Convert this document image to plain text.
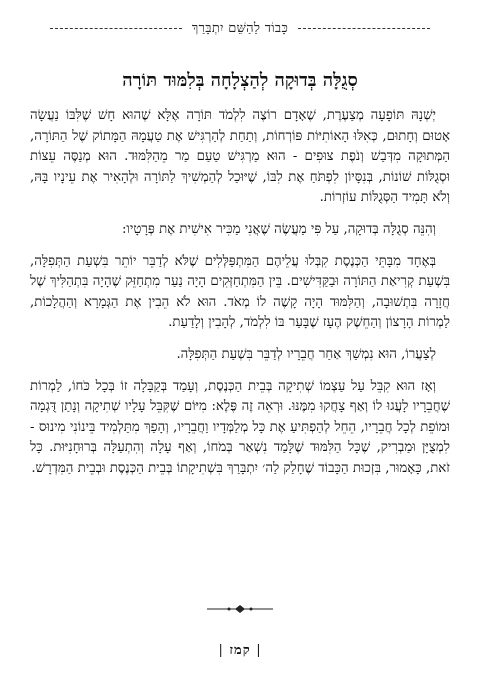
כָּבוֹד לַהַשֵּׁם יִתְבָּרַךְ
סְגֻלָּה בְּדוּקָה לְהַצְלָחָה בְּלִמּוּד תּוֹרָה

יְשְׁנָהּ תּוֹפָעָה מְצַעֶרֶת, שֶׁאָדָם רוֹצֶה לִלְמֹד תּוֹרָה אֶלָּא שֶׁהוּא חָשׁ שֶׁלִּבּוֹ נַעֲשָׂה אָטוּם וְחָתוּם, כְּאִלּוּ הָאוֹתִיּוֹת פּוֹרְחוֹת, וְתַחַת לְהַרְגִּישׁ אֶת טַעֲמָהּ הַמָּתוֹק שֶׁל הַתּוֹרָה, הַמְּתוּקָה מִדְּבַשׁ וְנֹפֶת צוּפִים - הוּא מַרְגִּישׁ טַעַם מַר מֵהַלִּמּוּד. הוּא מְנַסֶּה עֵצוֹת וּסְגֻלּוֹת שׁוֹנוֹת, בְּנִסָּיוֹן לִפְתֹּחַ אֶת לִבּוֹ, שֶׁיּוּכַל לְהַמְשִׁיךְ לַתּוֹרָה וּלְהָאִיר אֶת עֵינָיו בָּהּ, וְלֹא תָּמִיד הַסְּגֻלּוֹת עוֹזְרוֹת.

וְהִנֵּה סְגֻלָּה בְּדוּקָה, עַל פִּי מַעֲשֶׂה שֶׁאֲנִי מַכִּיר אִישִׁית אֶת פְּרָטָיו:

בְּאֶחָד מִבָּתֵּי הַכְּנֶסֶת קִבְּלוּ עֲלֵיהֶם הַמִּתְפַּלְּלִים שֶׁלֹּא לְדַבֵּר יוֹתֵר בִּשְׁעַת הַתְּפִלָּה, בִּשְׁעַת קְרִיאַת הַתּוֹרָה וּבַקַּדִּישִׁים. בֵּין הַמִּתְחַזְּקִים הָיָה נַעַר מִתְחַזֵּק שֶׁהָיָה בִּתְהַלִּיךְ שֶׁל חֲזָרָה בִּתְשׁוּבָה, וְהַלִּמּוּד הָיָה קָשֶׁה לוֹ מְאֹד. הוּא לֹא הֵבִין אֶת הַגְּמָרָא וְהַהֲלָכוֹת, לַמְרוֹת הָרָצוֹן וְהַחֵשֶׁק הֶעָז שֶׁבָּעַר בּוֹ לִלְמֹד, לְהָבִין וְלָדַעַת.

לְצַעֲרוֹ, הוּא נִמְשַׁךְ אַחַר חֲבֵרָיו לְדַבֵּר בִּשְׁעַת הַתְּפִלָּה.

וְאָז הוּא קִבֵּל עַל עַצְמוֹ שְׁתִיקָה בְּבֵית הַכְּנֶסֶת, וְעָמַד בְּקַבָּלָה זוֹ בְּכָל כֹּחוֹ, לַמְרוֹת שֶׁחֲבֵרָיו לָעֲגוּ לוֹ וְאַף צָחֲקוּ מִמֶּנּוּ. וּרְאֵה זֶה פֶּלֶא: מִיּוֹם שֶׁקִּבֵּל עָלָיו שְׁתִיקָה וְנָתַן דֻּגְמָה וּמוֹפֵת לְכָל חֲבֵרָיו, הֵחֵל לְהַפְתִּיעַ אֶת כָּל מְלַמְּדָיו וַחֲבֵרָיו, וְהָפַךְ מִתַּלְמִיד בֵּינוֹנִי מִינוּס - לִמְצֻיָּן וּמַבְרִיק, שֶׁכָּל הַלִּמּוּד שֶׁלָּמַד נִשְׁאַר בְּמֹחוֹ, וְאַף עָלָה וְהִתְעַלָּה בְּרוּחָנִיּוּת. כָּל זֹאת, כָּאָמוּר, בִּזְכוּת הַכָּבוֹד שֶׁחָלַק לַה׳ יִתְבָּרַךְ בִּשְׁתִיקָתוֹ בְּבֵית הַכְּנֶסֶת וּבְבֵית הַמִּדְרָשׁ.

| קמז |
